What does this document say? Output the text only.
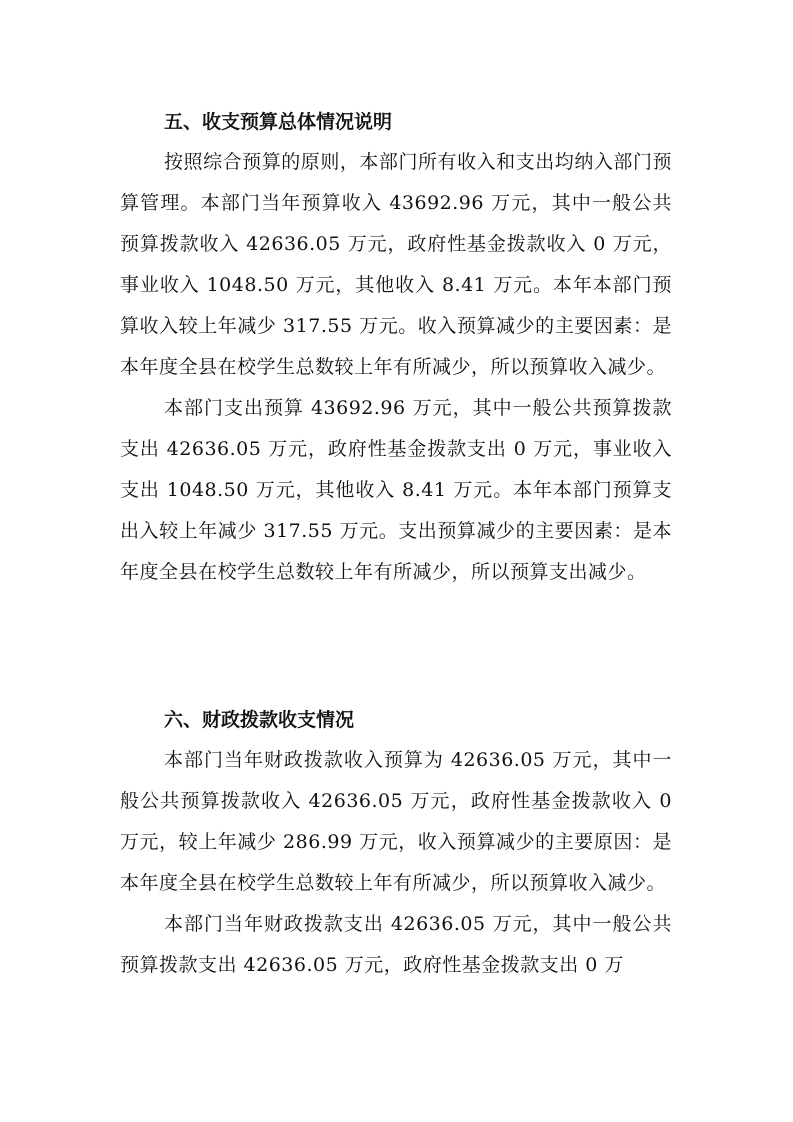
五、收支预算总体情况说明

按照综合预算的原则，本部门所有收入和支出均纳入部门预算管理。本部门当年预算收入 43692.96 万元，其中一般公共预算拨款收入 42636.05 万元，政府性基金拨款收入 0 万元，事业收入 1048.50 万元，其他收入 8.41 万元。本年本部门预算收入较上年减少 317.55 万元。收入预算减少的主要因素：是本年度全县在校学生总数较上年有所减少，所以预算收入减少。

本部门支出预算 43692.96 万元，其中一般公共预算拨款支出 42636.05 万元，政府性基金拨款支出 0 万元，事业收入支出 1048.50 万元，其他收入 8.41 万元。本年本部门预算支出入较上年减少 317.55 万元。支出预算减少的主要因素：是本年度全县在校学生总数较上年有所减少，所以预算支出减少。

六、财政拨款收支情况

本部门当年财政拨款收入预算为 42636.05 万元，其中一般公共预算拨款收入 42636.05 万元，政府性基金拨款收入 0 万元，较上年减少 286.99 万元，收入预算减少的主要原因：是本年度全县在校学生总数较上年有所减少，所以预算收入减少。

本部门当年财政拨款支出 42636.05 万元，其中一般公共预算拨款支出 42636.05 万元，政府性基金拨款支出 0 万
